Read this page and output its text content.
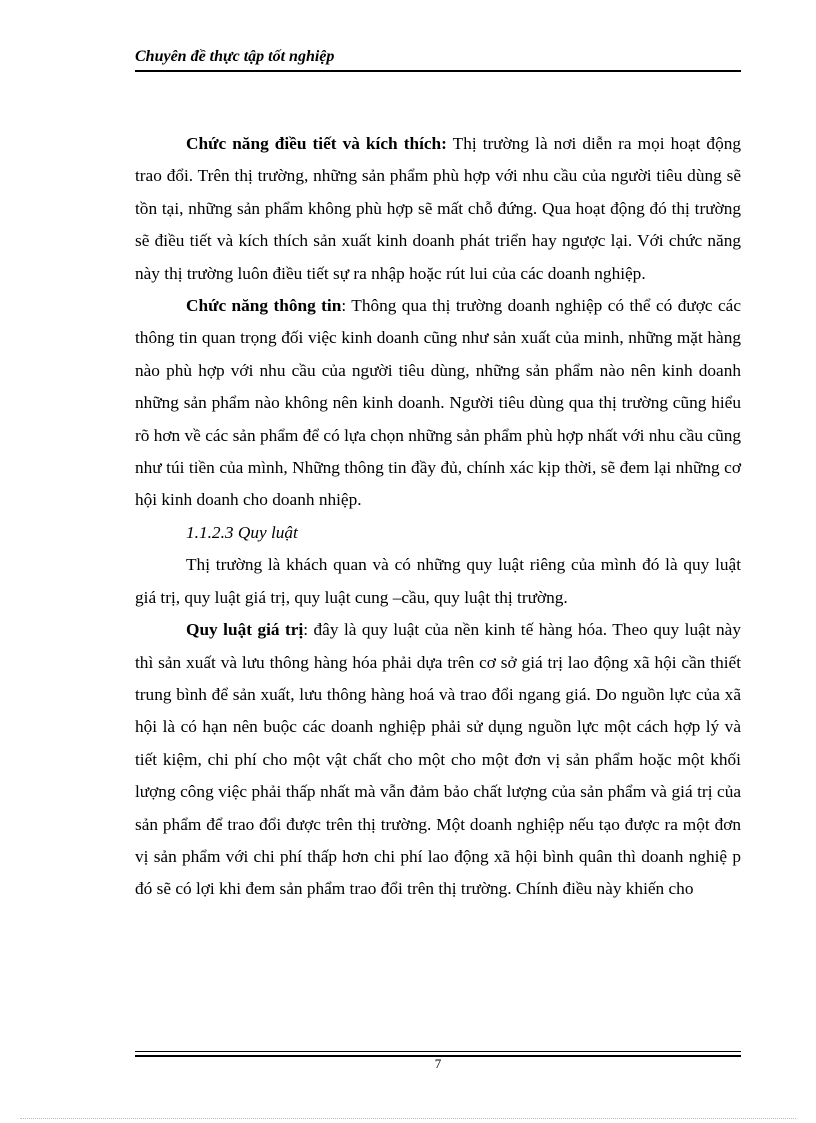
Chuyên đề thực tập tốt nghiệp

Chức năng điều tiết và kích thích: Thị trường là nơi diễn ra mọi hoạt động trao đổi. Trên thị trường, những sản phẩm phù hợp với nhu cầu của người tiêu dùng sẽ tồn tại, những sản phẩm không phù hợp sẽ mất chỗ đứng. Qua hoạt động đó thị trường sẽ điều tiết và kích thích sản xuất kinh doanh phát triển hay ngược lại. Với chức năng này thị trường luôn điều tiết sự ra nhập hoặc rút lui của các doanh nghiệp.

Chức năng thông tin: Thông qua thị trường doanh nghiệp có thể có được các thông tin quan trọng đối việc kinh doanh cũng như sản xuất của minh, những mặt hàng nào phù hợp với nhu cầu của người tiêu dùng, những sản phẩm nào nên kinh doanh những sản phẩm nào không nên kinh doanh. Người tiêu dùng qua thị trường cũng hiểu rõ hơn về các sản phẩm để có lựa chọn những sản phẩm phù hợp nhất với nhu cầu cũng như túi tiền của mình, Những thông tin đầy đủ, chính xác kịp thời, sẽ đem lại những cơ hội kinh doanh cho doanh nhiệp.

1.1.2.3 Quy luật

Thị trường là khách quan và có những quy luật riêng của mình đó là quy luật giá trị, quy luật giá trị, quy luật cung –cầu, quy luật thị trường.

Quy luật giá trị: đây là quy luật của nền kinh tế hàng hóa. Theo quy luật này thì sản xuất và lưu thông hàng hóa phải dựa trên cơ sở giá trị lao động xã hội cần thiết trung bình để sản xuất, lưu thông hàng hoá và trao đổi ngang giá. Do nguồn lực của xã hội là có hạn nên buộc các doanh nghiệp phải sử dụng nguồn lực một cách hợp lý và tiết kiệm, chi phí cho một vật chất cho một cho một đơn vị sản phẩm hoặc một khối lượng công việc phải thấp nhất mà vẫn đảm bảo chất lượng của sản phẩm và giá trị của sản phẩm để trao đổi được trên thị trường. Một doanh nghiệp nếu tạo được ra một đơn vị sản phẩm với chi phí thấp hơn chi phí lao động xã hội bình quân thì doanh nghiệ p đó sẽ có lợi khi đem sản phẩm trao đổi trên thị trường. Chính điều này khiến cho

7
